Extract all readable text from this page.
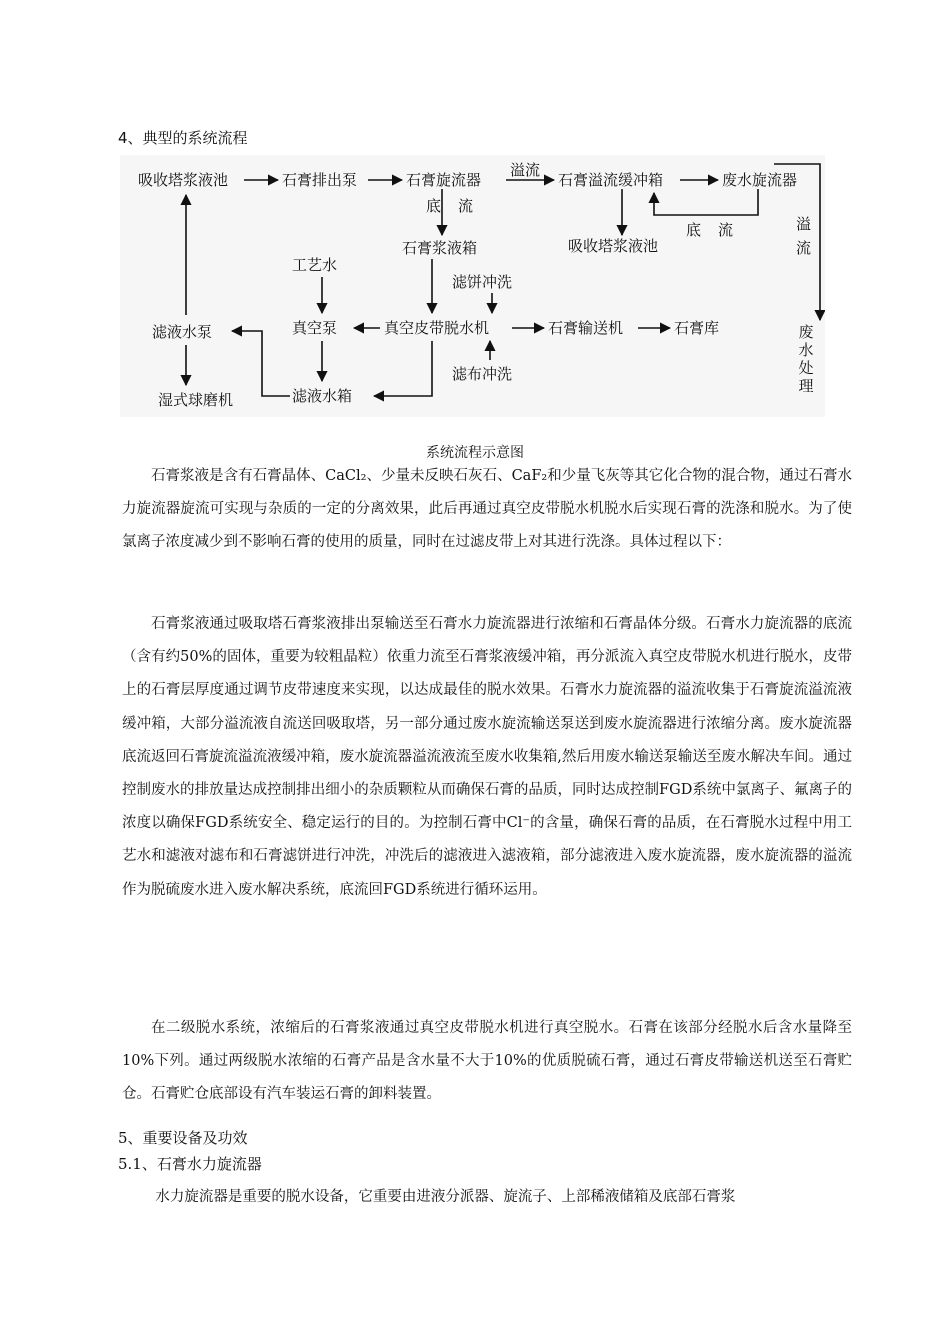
4、典型的系统流程
吸收塔浆液池	石膏排出泵	石膏旋流器	石膏溢流缓冲箱	废水旋流器
吸收塔浆液池
石膏浆液箱
工艺水
滤饼冲洗
真空泵	真空皮带脱水机	石膏输送机	石膏库
滤液水泵
滤布冲洗
湿式球磨机	滤液水箱
废
水
处
理
溢流
底 流
底 流	溢
流
系统流程示意图

石膏浆液是含有石膏晶体、CaCl₂、少量未反映石灰石、CaF₂和少量飞灰等其它化合物的混合物，通过石膏水力旋流器旋流可实现与杂质的一定的分离效果，此后再通过真空皮带脱水机脱水后实现石膏的洗涤和脱水。为了使氯离子浓度减少到不影响石膏的使用的质量，同时在过滤皮带上对其进行洗涤。具体过程以下：

石膏浆液通过吸取塔石膏浆液排出泵输送至石膏水力旋流器进行浓缩和石膏晶体分级。石膏水力旋流器的底流（含有约50%的固体，重要为较粗晶粒）依重力流至石膏浆液缓冲箱，再分派流入真空皮带脱水机进行脱水，皮带上的石膏层厚度通过调节皮带速度来实现，以达成最佳的脱水效果。石膏水力旋流器的溢流收集于石膏旋流溢流液缓冲箱，大部分溢流液自流送回吸取塔，另一部分通过废水旋流输送泵送到废水旋流器进行浓缩分离。废水旋流器底流返回石膏旋流溢流液缓冲箱，废水旋流器溢流液流至废水收集箱,然后用废水输送泵输送至废水解决车间。通过控制废水的排放量达成控制排出细小的杂质颗粒从而确保石膏的品质，同时达成控制FGD系统中氯离子、氟离子的浓度以确保FGD系统安全、稳定运行的目的。为控制石膏中Cl⁻的含量，确保石膏的品质，在石膏脱水过程中用工艺水和滤液对滤布和石膏滤饼进行冲洗，冲洗后的滤液进入滤液箱，部分滤液进入废水旋流器，废水旋流器的溢流作为脱硫废水进入废水解决系统，底流回FGD系统进行循环运用。

在二级脱水系统，浓缩后的石膏浆液通过真空皮带脱水机进行真空脱水。石膏在该部分经脱水后含水量降至10%下列。通过两级脱水浓缩的石膏产品是含水量不大于10%的优质脱硫石膏，通过石膏皮带输送机送至石膏贮仓。石膏贮仓底部设有汽车装运石膏的卸料装置。

5、重要设备及功效
5.1、石膏水力旋流器

水力旋流器是重要的脱水设备，它重要由进液分派器、旋流子、上部稀液储箱及底部石膏浆
